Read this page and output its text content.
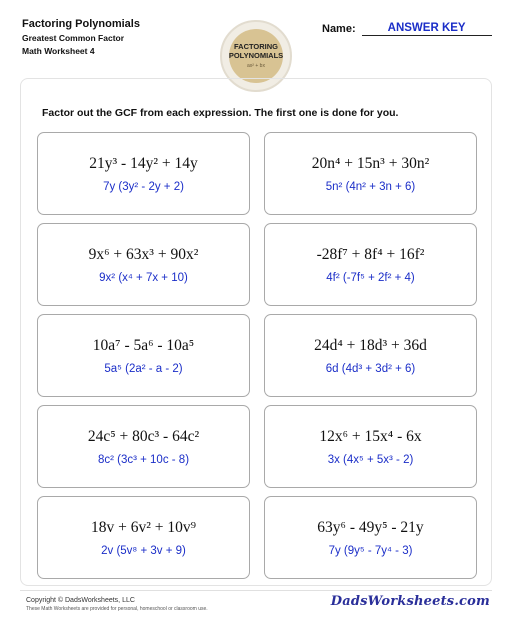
Factoring Polynomials
Greatest Common Factor
Math Worksheet 4	FACTORING
POLYNOMIALS
ax² + bx
Name:	ANSWER KEY
Factor out the GCF from each expression. The first one is done for you.
21y³ - 14y² + 14y
7y (3y² - 2y + 2)
20n⁴ + 15n³ + 30n²
5n² (4n² + 3n + 6)
9x⁶ + 63x³ + 90x²
9x² (x⁴ + 7x + 10)
-28f⁷ + 8f⁴ + 16f²
4f² (-7f⁵ + 2f² + 4)
10a⁷ - 5a⁶ - 10a⁵
5a⁵ (2a² - a - 2)
24d⁴ + 18d³ + 36d
6d (4d³ + 3d² + 6)
24c⁵ + 80c³ - 64c²
8c² (3c³ + 10c - 8)
12x⁶ + 15x⁴ - 6x
3x (4x⁵ + 5x³ - 2)
18v + 6v² + 10v⁹
2v (5v⁸ + 3v + 9)
63y⁶ - 49y⁵ - 21y
7y (9y⁵ - 7y⁴ - 3)
Copyright © DadsWorksheets, LLC
These Math Worksheets are provided for personal, homeschool or classroom use.	DadsWorksheets.com
